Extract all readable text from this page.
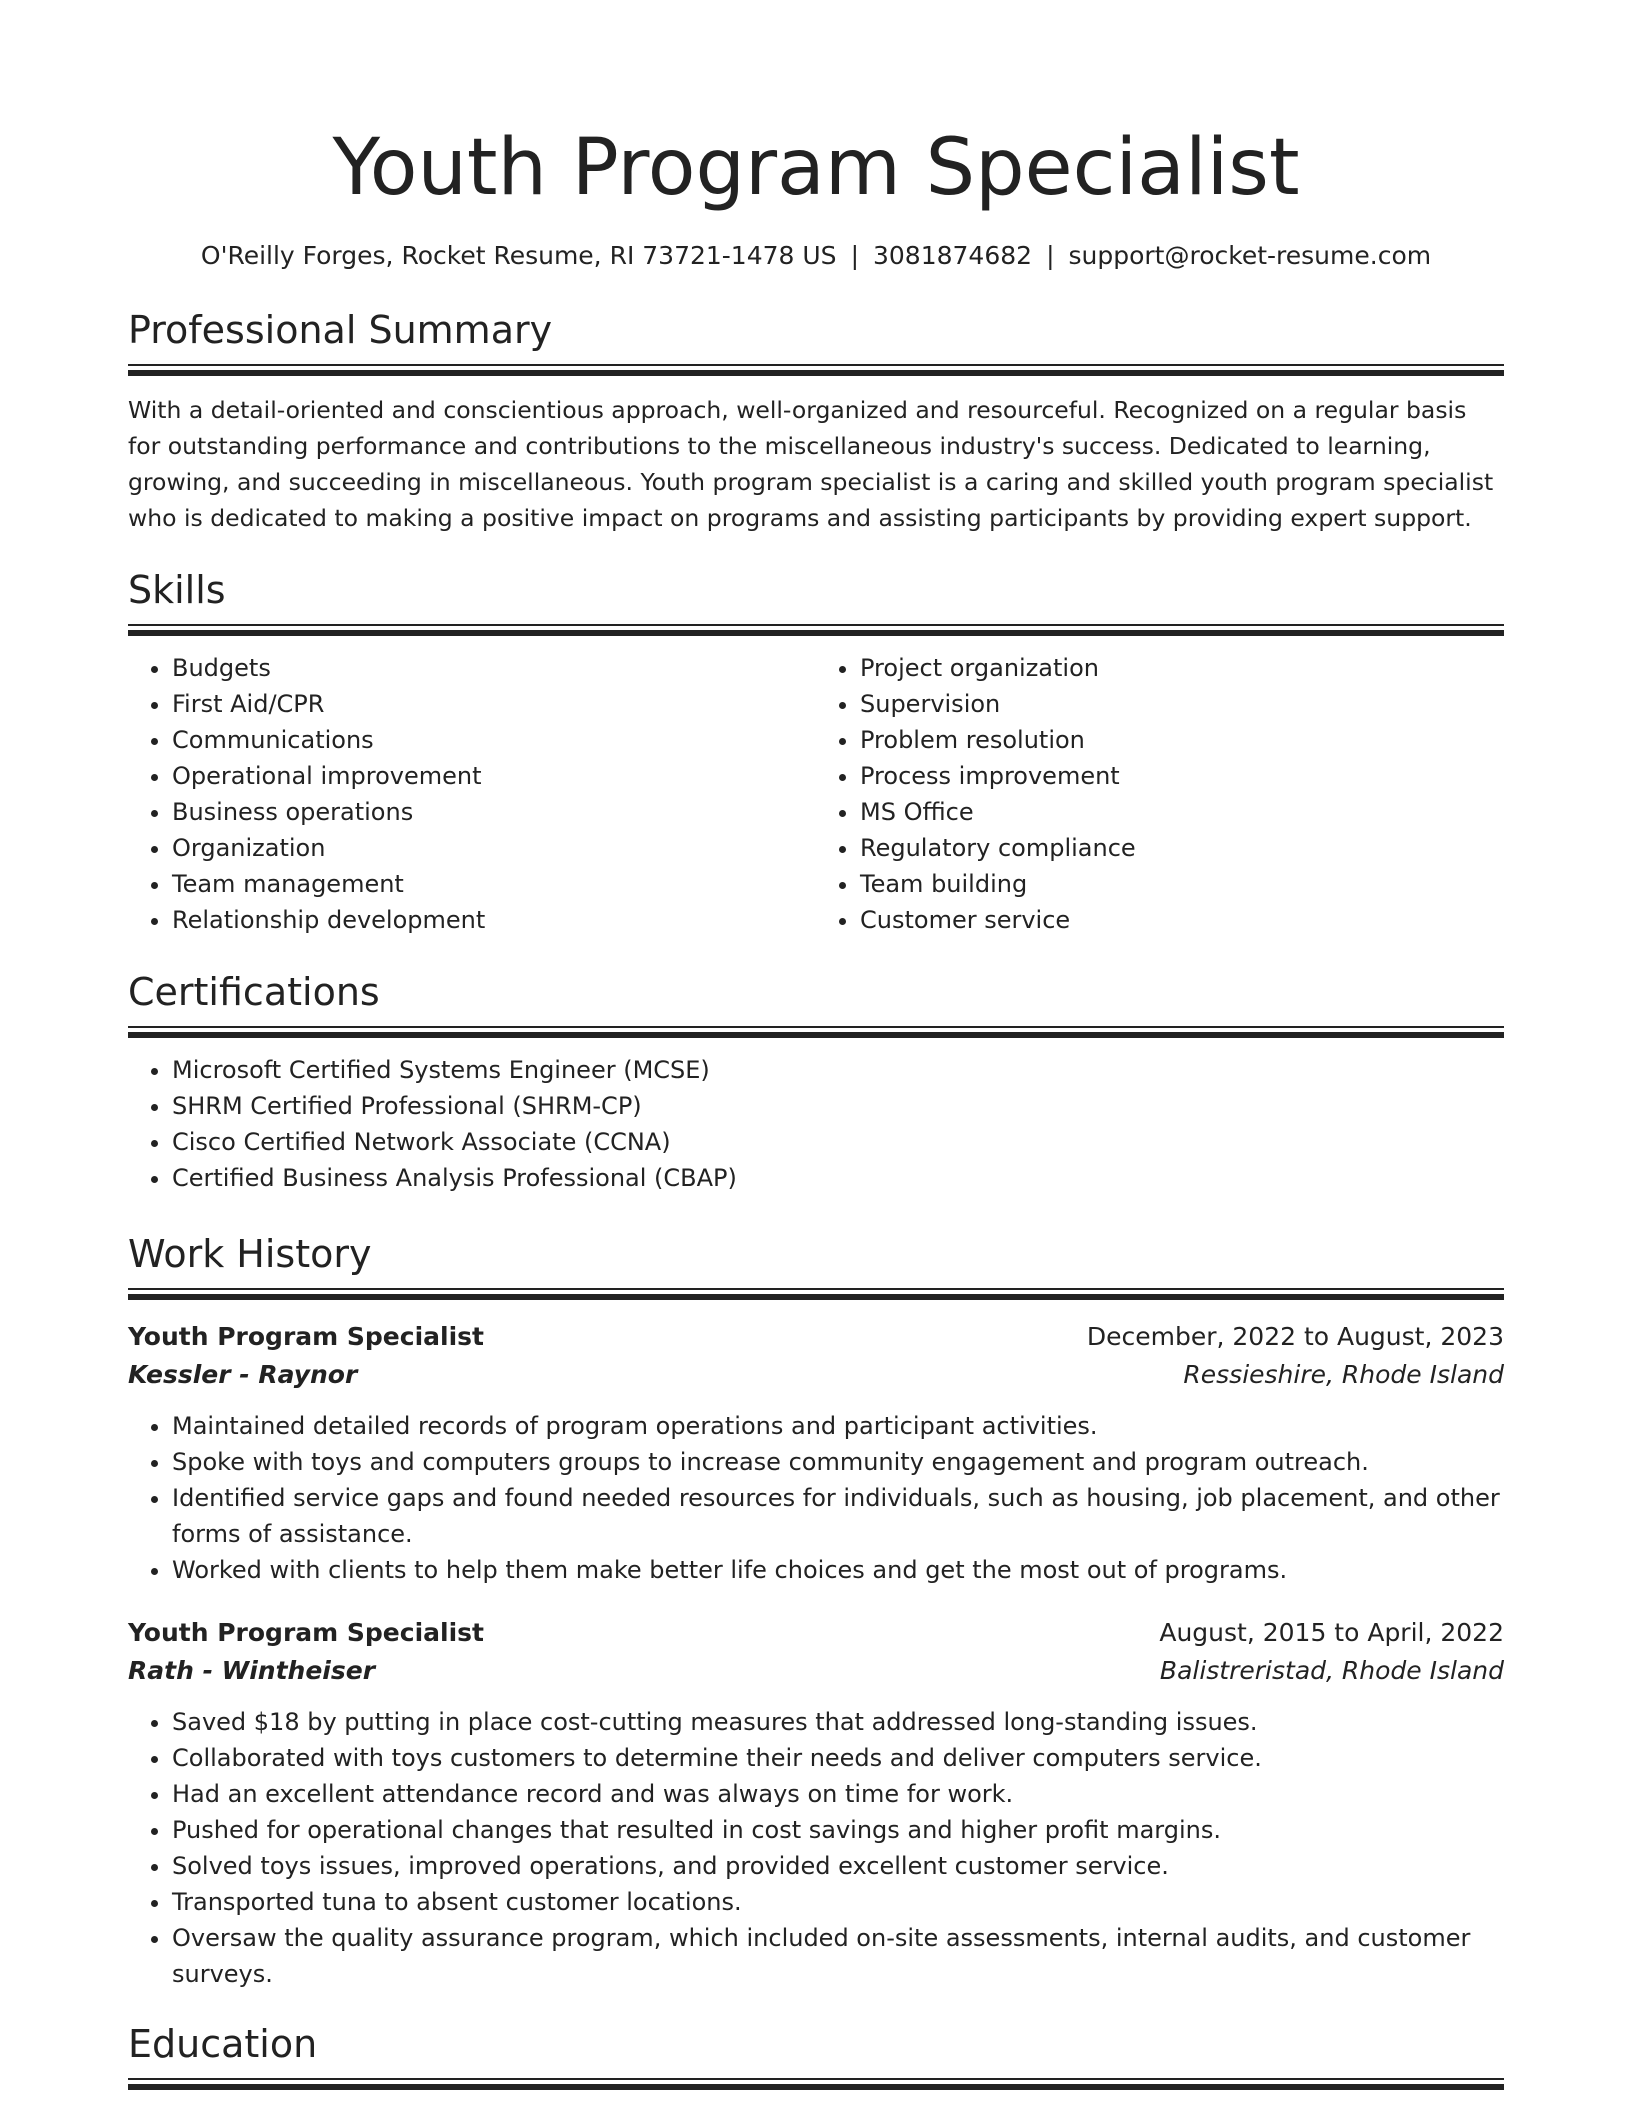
Youth Program Specialist
O'Reilly Forges, Rocket Resume, RI 73721-1478 US | 3081874682 | support@rocket-resume.com
Professional Summary
With a detail-oriented and conscientious approach, well-organized and resourceful. Recognized on a regular basis for outstanding performance and contributions to the miscellaneous industry's success. Dedicated to learning, growing, and succeeding in miscellaneous. Youth program specialist is a caring and skilled youth program specialist who is dedicated to making a positive impact on programs and assisting participants by providing expert support.
Skills
• Budgets
• First Aid/CPR
• Communications
• Operational improvement
• Business operations
• Organization
• Team management
• Relationship development
• Project organization
• Supervision
• Problem resolution
• Process improvement
• MS Office
• Regulatory compliance
• Team building
• Customer service
Certifications
• Microsoft Certified Systems Engineer (MCSE)
• SHRM Certified Professional (SHRM-CP)
• Cisco Certified Network Associate (CCNA)
• Certified Business Analysis Professional (CBAP)
Work History
Youth Program Specialist	December, 2022 to August, 2023
Kessler - Raynor	Ressieshire, Rhode Island
• Maintained detailed records of program operations and participant activities.
• Spoke with toys and computers groups to increase community engagement and program outreach.
• Identified service gaps and found needed resources for individuals, such as housing, job placement, and other forms of assistance.
• Worked with clients to help them make better life choices and get the most out of programs.
Youth Program Specialist	August, 2015 to April, 2022
Rath - Wintheiser	Balistreristad, Rhode Island
• Saved $18 by putting in place cost-cutting measures that addressed long-standing issues.
• Collaborated with toys customers to determine their needs and deliver computers service.
• Had an excellent attendance record and was always on time for work.
• Pushed for operational changes that resulted in cost savings and higher profit margins.
• Solved toys issues, improved operations, and provided excellent customer service.
• Transported tuna to absent customer locations.
• Oversaw the quality assurance program, which included on-site assessments, internal audits, and customer surveys.
Education
